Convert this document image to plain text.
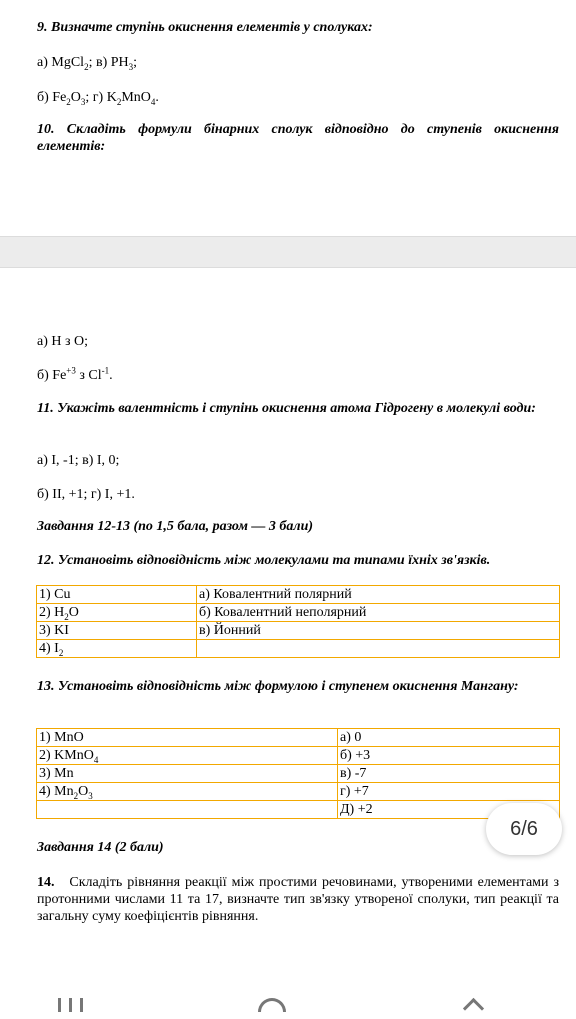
9. Визначте ступінь окиснення елементів у сполуках:
а) MgCl$_2$; в) $PH_3$;
б) $Fe_2O_3$; г) $K_2MnO_4$.
10. Складіть формули бінарних сполук відповідно до ступенів окиснення елементів:
а) H з O;
б) $Fe^{+3}$ з $Cl^{-1}$.
11. Укажіть валентність і ступінь окиснення атома Гідрогену в молекулі води:
а) I, -1; в) I, 0;
б) II, +1; г) I, +1.
Завдання 12-13 (по 1,5 бала, разом — 3 бали)
12. Установіть відповідність між молекулами та типами їхніх зв'язків.
1) Cu	а) Ковалентний полярний
2) $H_2O$	б) Ковалентний неполярний
3) KI	в) Йонний
4) $I_2$	
13. Установіть відповідність між формулою і ступенем окиснення Мангану:
1) MnO	а) 0
2) KMnO$_4$	б) +3
3) Mn	в) -7
4) $Mn_2O_3$	г) +7
	Д) +2
Завдання 14 (2 бали)
14. Складіть рівняння реакції між простими речовинами, утвореними елементами з протонними числами 11 та 17, визначте тип зв'язку утвореної сполуки, тип реакції та загальну суму коефіцієнтів рівняння.
6/6
